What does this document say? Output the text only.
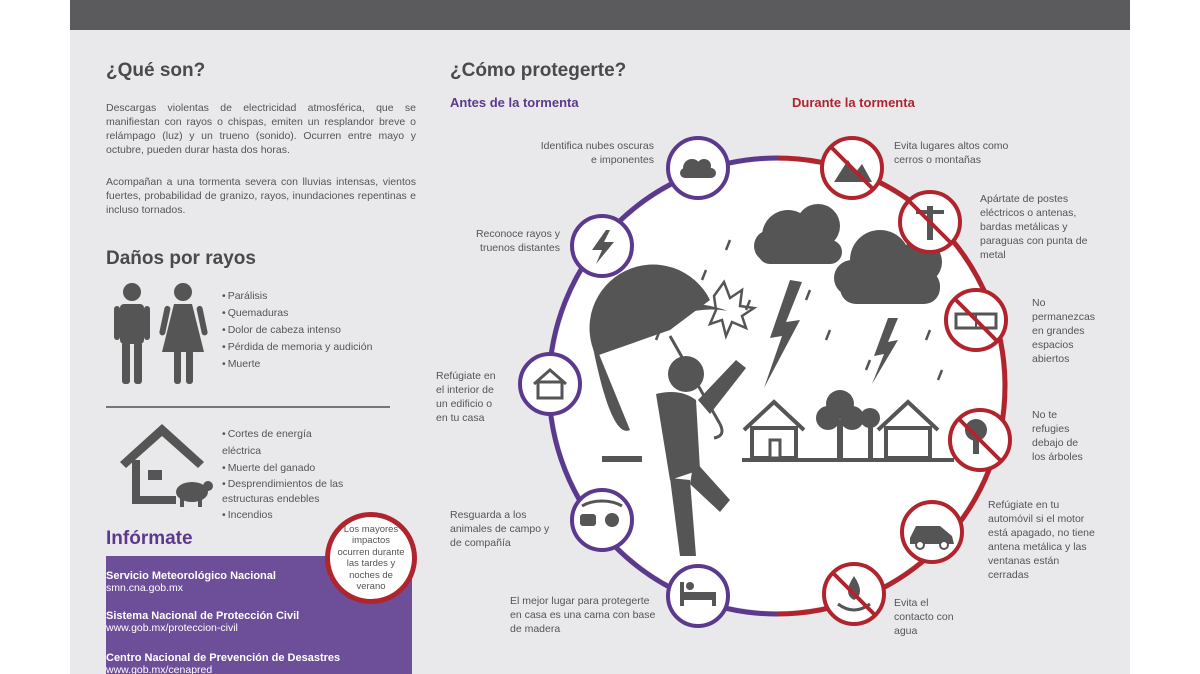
¿Qué son?
Descargas violentas de electricidad atmosférica, que se manifiestan con rayos o chispas, emiten un resplandor breve o relámpago (luz) y un trueno (sonido). Ocurren entre mayo y octubre, pueden durar hasta dos horas.
Acompañan a una tormenta severa con lluvias intensas, vientos fuertes, probabilidad de granizo, rayos, inundaciones repentinas e incluso tornados.
Daños por rayos
• Parálisis
• Quemaduras
• Dolor de cabeza intenso
• Pérdida de memoria y audición
• Muerte
• Cortes de energía eléctrica
• Muerte del ganado
• Desprendimientos de las estructuras endebles
• Incendios
Infórmate
Servicio Meteorológico Nacional
smn.cna.gob.mx
Sistema Nacional de Protección Civil
www.gob.mx/proteccion-civil
Centro Nacional de Prevención de Desastres
www.gob.mx/cenapred
Los mayores impactos ocurren durante las tardes y noches de verano
¿Cómo protegerte?
Antes de la tormenta	Durante la tormenta
Identifica nubes oscuras e imponentes
Reconoce rayos y truenos distantes
Refúgiate en el interior de un edificio o en tu casa
Resguarda a los animales de campo y de compañía
El mejor lugar para protegerte en casa es una cama con base de madera
Evita lugares altos como cerros o montañas
Apártate de postes eléctricos o antenas, bardas metálicas y paraguas con punta de metal
No permanezcas en grandes espacios abiertos
No te refugies debajo de los árboles
Refúgiate en tu automóvil si el motor está apagado, no tiene antena metálica y las ventanas están cerradas
Evita el contacto con agua
